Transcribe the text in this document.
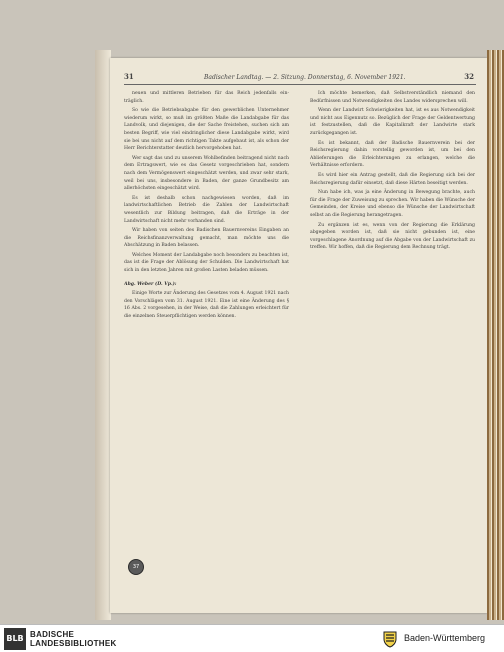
31	Badischer Landtag. — 2. Sitzung. Donnerstag, 6. November 1921.	32

neuen und mittleren Betrieben für das Reich jedenfalls ein-träglich.

So wie die Betriebsabgabe für den gewerblichen Unternehmer wiederum wirkt, so muß im größten Maße die Landabgabe für das Landvolk, und diejenigen, die der Sache freistehen, suchen sich am besten Begriff, wie viel eindringlicher diese Landabgabe wirkt, wird sie bei uns nicht auf dem richtigen Takte aufgebaut ist, als schon der Herr Berichterstatter deutlich hervorgehoben hat.

Wer sagt das und zu unserem Wohlbefinden beitragend nicht nach dem Ertragswert, wie es das Gesetz vorgeschrieben hat, sondern nach dem Vermögenswert eingeschätzt werden, und zwar sehr stark, weil bei uns, insbesondere in Baden, der ganze Grundbesitz am allerhöchsten eingeschätzt wird.

Es ist deshalb schon nachgewiesen worden, daß im landwirtschaftlichen Betrieb die Zahlen der Landwirtschaft wesentlich zur Bildung beitragen, daß die Erträge in der Landwirtschaft nicht mehr vorhanden sind.

Wir haben von seiten des Badischen Bauernvereins Eingaben an die Reichsfinanzverwaltung gemacht, man möchte uns die Abschätzung in Baden belassen.

Welches Moment der Landabgabe noch besonders zu beachten ist, das ist die Frage der Ablösung der Schulden. Die Landwirtschaft hat sich in den letzten Jahren mit großen Lasten beladen müssen.

Abg. Weber (D. Vp.):

Einige Worte zur Änderung des Gesetzes vom 4. August 1921 nach den Vorschlägen vom 31. August 1921. Eine ist eine Änderung des § 16 Abs. 2 vorgesehen, in der Weise, daß die Zahlungen erleichtert für die einzelnen Steuerpflichtigen werden können.

Ich möchte bemerken, daß Selbstverständlich niemand den Bedürfnissen und Notwendigkeiten des Landes widersprechen will.

Wenn der Landwirt Schwierigkeiten hat, ist es aus Notwendigkeit und nicht aus Eigennutz so. Bezüglich der Frage der Geldentwertung ist festzustellen, daß die Kapitalkraft der Landwirte stark zurückgegangen ist.

Es ist bekannt, daß der Badische Bauernverein bei der Reichsregierung dahin vorstellig geworden ist, um bei den Ablieferungen die Erleichterungen zu erlangen, welche die Verhältnisse erfordern.

Es wird hier ein Antrag gestellt, daß die Regierung sich bei der Reichsregierung dafür einsetzt, daß diese Härten beseitigt werden.

Nun habe ich, was ja eine Änderung in Bewegung brachte, auch für die Frage der Zuweisung zu sprechen. Wir haben die Wünsche der Gemeinden, der Kreise und ebenso die Wünsche der Landwirtschaft selbst an die Regierung herangetragen.

Zu ergänzen ist es, wenn von der Regierung die Erklärung abgegeben worden ist, daß sie nicht gebunden ist, eine vorgeschlagene Anordnung auf die Abgabe von der Landwirtschaft zu treffen. Wir hoffen, daß die Regierung dem Rechnung trägt.

37
BLB BADISCHE
LANDESBIBLIOTHEK
Baden-Württemberg
